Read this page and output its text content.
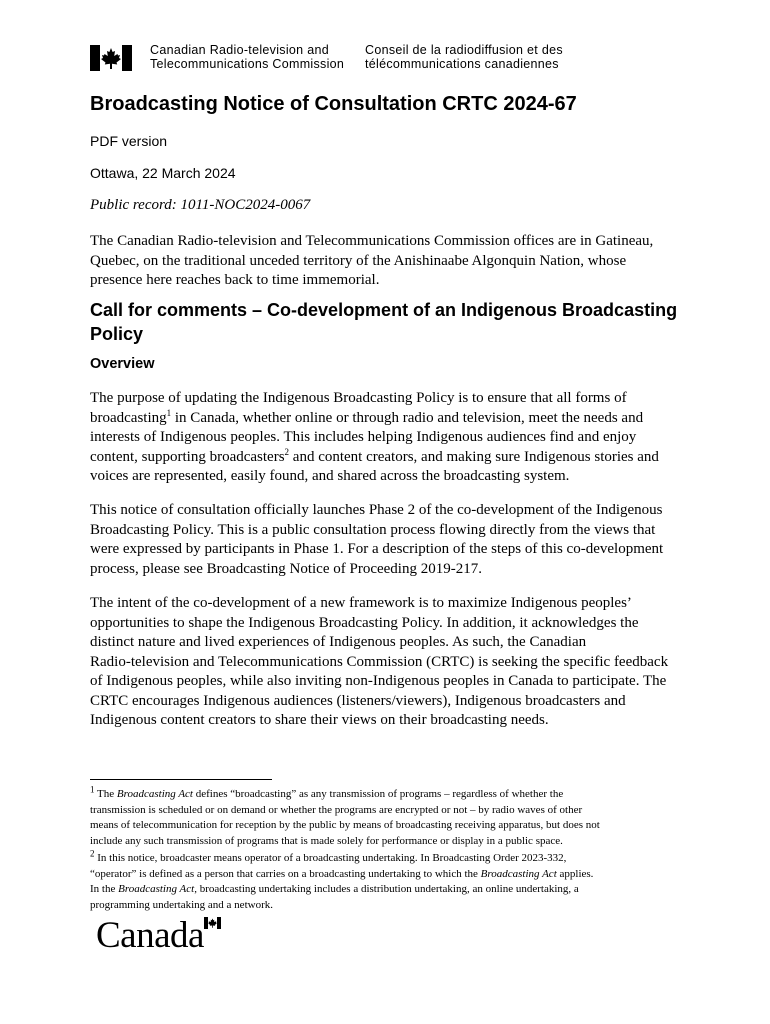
Canadian Radio-television and
Telecommunications Commission
Conseil de la radiodiffusion et des
télécommunications canadiennes
Broadcasting Notice of Consultation CRTC 2024-67
PDF version
Ottawa, 22 March 2024
Public record: 1011-NOC2024-0067
The Canadian Radio-television and Telecommunications Commission offices are in Gatineau,
Quebec, on the traditional unceded territory of the Anishinaabe Algonquin Nation, whose
presence here reaches back to time immemorial.
Call for comments – Co-development of an Indigenous Broadcasting
Policy
Overview
The purpose of updating the Indigenous Broadcasting Policy is to ensure that all forms of
broadcasting$^1$ in Canada, whether online or through radio and television, meet the needs and
interests of Indigenous peoples. This includes helping Indigenous audiences find and enjoy
content, supporting broadcasters$^2$ and content creators, and making sure Indigenous stories and
voices are represented, easily found, and shared across the broadcasting system.
This notice of consultation officially launches Phase 2 of the co-development of the Indigenous
Broadcasting Policy. This is a public consultation process flowing directly from the views that
were expressed by participants in Phase 1. For a description of the steps of this co-development
process, please see Broadcasting Notice of Proceeding 2019-217.
The intent of the co-development of a new framework is to maximize Indigenous peoples’
opportunities to shape the Indigenous Broadcasting Policy. In addition, it acknowledges the
distinct nature and lived experiences of Indigenous peoples. As such, the Canadian
Radio-television and Telecommunications Commission (CRTC) is seeking the specific feedback
of Indigenous peoples, while also inviting non-Indigenous peoples in Canada to participate. The
CRTC encourages Indigenous audiences (listeners/viewers), Indigenous broadcasters and
Indigenous content creators to share their views on their broadcasting needs.
$^1$ The Broadcasting Act defines “broadcasting” as any transmission of programs – regardless of whether the
transmission is scheduled or on demand or whether the programs are encrypted or not – by radio waves of other
means of telecommunication for reception by the public by means of broadcasting receiving apparatus, but does not
include any such transmission of programs that is made solely for performance or display in a public space.
$^2$ In this notice, broadcaster means operator of a broadcasting undertaking. In Broadcasting Order 2023-332,
“operator” is defined as a person that carries on a broadcasting undertaking to which the Broadcasting Act applies.
In the Broadcasting Act, broadcasting undertaking includes a distribution undertaking, an online undertaking, a
programming undertaking and a network.
Canada
